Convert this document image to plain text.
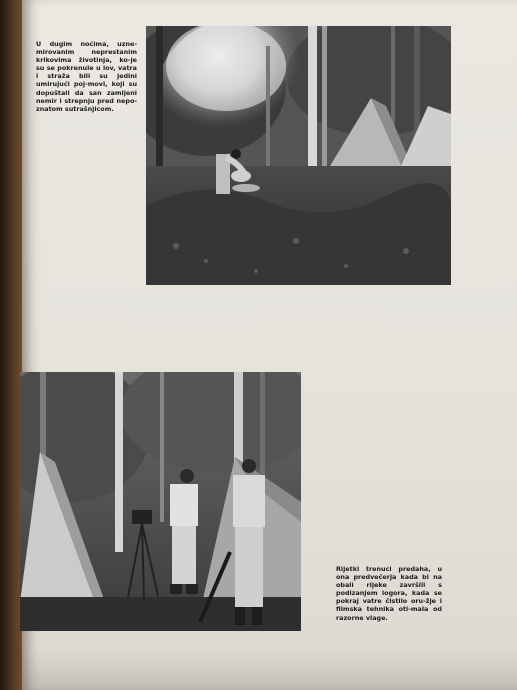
U dugim noćima, uzne-mirovanim neprestanim krikovima životinja, ko-je su se pokrenule u lov, vatra i straža bili su jedini umirujući poj-movi, koji su dopuštali da san zamijeni nemir i strepnju pred nepo-znatom sutrašnjicom.

Rijetki trenuci predaha, u ona predvečerja kada bi na obali rijeke završili s podizanjem logora, kada se pokraj vatre čistilo oru-žje i filmska tehnika oti-mala od razorne vlage.
